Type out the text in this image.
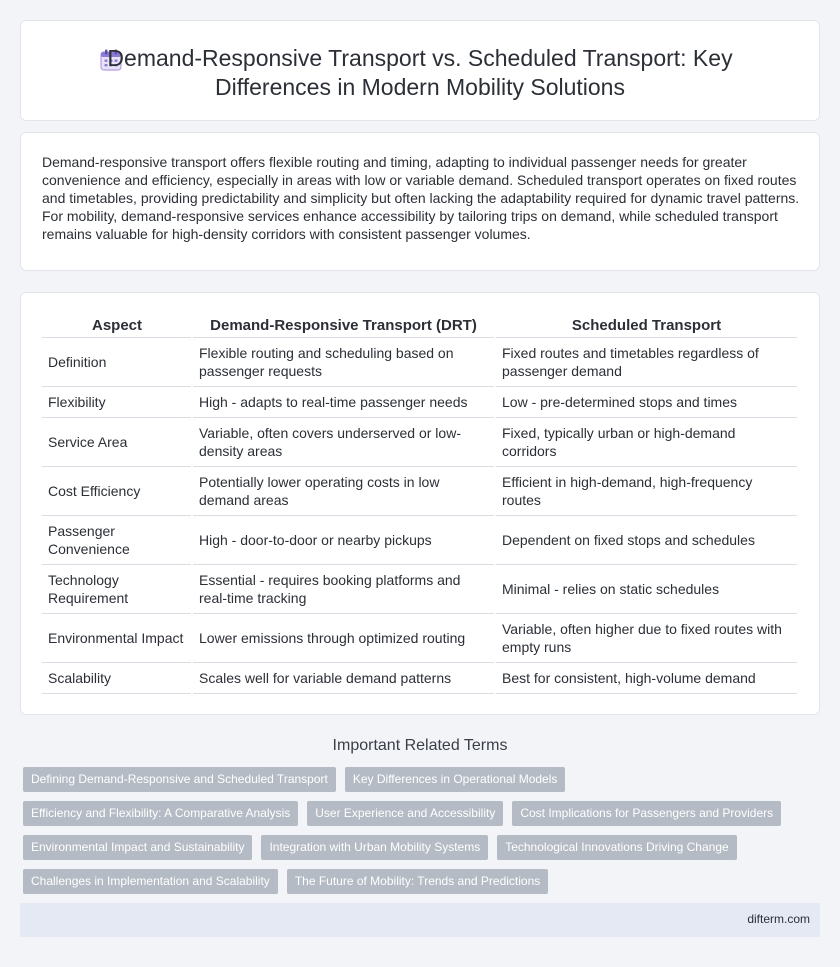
Demand-Responsive Transport vs. Scheduled Transport: Key Differences in Modern Mobility Solutions

Demand-responsive transport offers flexible routing and timing, adapting to individual passenger needs for greater convenience and efficiency, especially in areas with low or variable demand. Scheduled transport operates on fixed routes and timetables, providing predictability and simplicity but often lacking the adaptability required for dynamic travel patterns. For mobility, demand-responsive services enhance accessibility by tailoring trips on demand, while scheduled transport remains valuable for high-density corridors with consistent passenger volumes.

Aspect	Demand-Responsive Transport (DRT)	Scheduled Transport
Definition	Flexible routing and scheduling based on passenger requests	Fixed routes and timetables regardless of passenger demand
Flexibility	High - adapts to real-time passenger needs	Low - pre-determined stops and times
Service Area	Variable, often covers underserved or low-density areas	Fixed, typically urban or high-demand corridors
Cost Efficiency	Potentially lower operating costs in low demand areas	Efficient in high-demand, high-frequency routes
Passenger Convenience	High - door-to-door or nearby pickups	Dependent on fixed stops and schedules
Technology Requirement	Essential - requires booking platforms and real-time tracking	Minimal - relies on static schedules
Environmental Impact	Lower emissions through optimized routing	Variable, often higher due to fixed routes with empty runs
Scalability	Scales well for variable demand patterns	Best for consistent, high-volume demand
Important Related Terms
Defining Demand-Responsive and Scheduled Transport	Key Differences in Operational Models
Efficiency and Flexibility: A Comparative Analysis	User Experience and Accessibility	Cost Implications for Passengers and Providers
Environmental Impact and Sustainability	Integration with Urban Mobility Systems	Technological Innovations Driving Change
Challenges in Implementation and Scalability	The Future of Mobility: Trends and Predictions
difterm.com
